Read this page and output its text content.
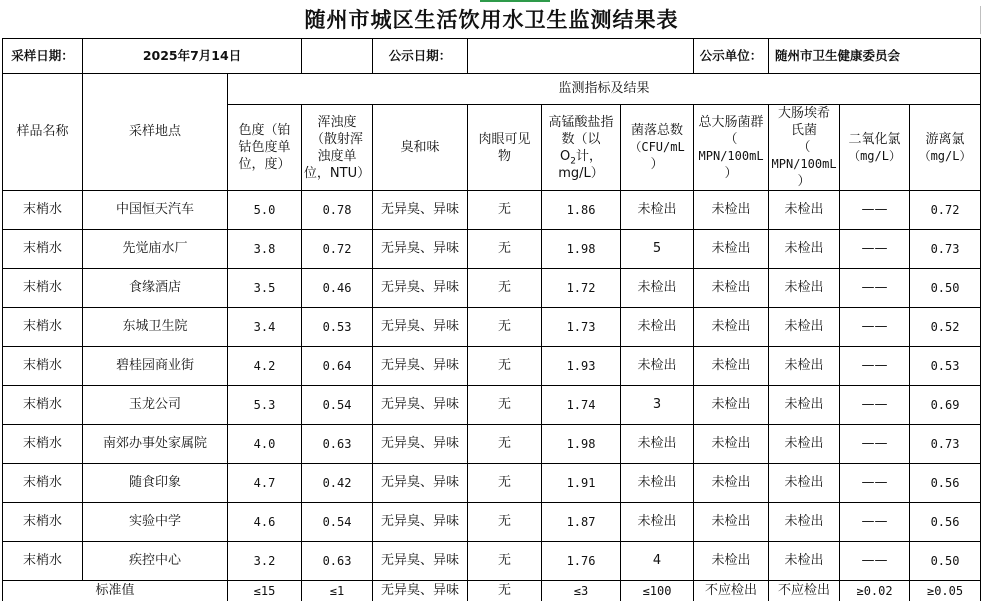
随州市城区生活饮用水卫生监测结果表
采样日期：	2025年7月14日			公示日期：				公示单位：	随州市卫生健康委员会		
样品名称	采样地点	监测指标及结果									
		色度（铂
钴色度单
位，度）	浑浊度
（散射浑
浊度单
位，NTU）	臭和味	肉眼可见
物	高锰酸盐指
数（以
$O_2$计，
mg/L）	菌落总数
（CFU/mL
）	总大肠菌群
（
MPN/100mL
）	大肠埃希
氏菌
（
MPN/100mL
）	二氧化氯
（mg/L）	游离氯
（mg/L）
末梢水	中国恒天汽车	5.0	0.78	无异臭、异味	无	1.86	未检出	未检出	未检出	——	0.72
末梢水	先觉庙水厂	3.8	0.72	无异臭、异味	无	1.98	5	未检出	未检出	——	0.73
末梢水	食缘酒店	3.5	0.46	无异臭、异味	无	1.72	未检出	未检出	未检出	——	0.50
末梢水	东城卫生院	3.4	0.53	无异臭、异味	无	1.73	未检出	未检出	未检出	——	0.52
末梢水	碧桂园商业街	4.2	0.64	无异臭、异味	无	1.93	未检出	未检出	未检出	——	0.53
末梢水	玉龙公司	5.3	0.54	无异臭、异味	无	1.74	3	未检出	未检出	——	0.69
末梢水	南郊办事处家属院	4.0	0.63	无异臭、异味	无	1.98	未检出	未检出	未检出	——	0.73
末梢水	随食印象	4.7	0.42	无异臭、异味	无	1.91	未检出	未检出	未检出	——	0.56
末梢水	实验中学	4.6	0.54	无异臭、异味	无	1.87	未检出	未检出	未检出	——	0.56
末梢水	疾控中心	3.2	0.63	无异臭、异味	无	1.76	4	未检出	未检出	——	0.50
标准值		≤15	≤1	无异臭、异味	无	≤3	≤100	不应检出	不应检出	≥0.02	≥0.05
